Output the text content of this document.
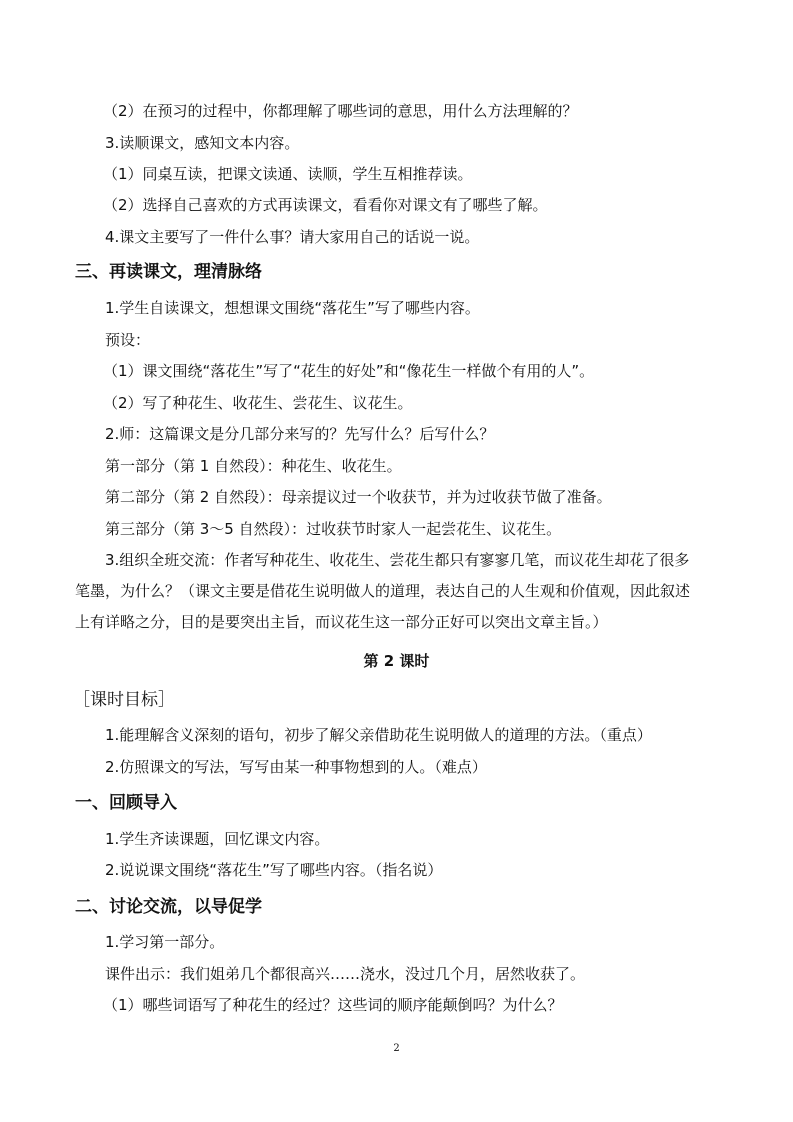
（2）在预习的过程中，你都理解了哪些词的意思，用什么方法理解的？
3.读顺课文，感知文本内容。
（1）同桌互读，把课文读通、读顺，学生互相推荐读。
（2）选择自己喜欢的方式再读课文，看看你对课文有了哪些了解。
4.课文主要写了一件什么事？请大家用自己的话说一说。
三、再读课文，理清脉络
1.学生自读课文，想想课文围绕“落花生”写了哪些内容。
预设：
（1）课文围绕“落花生”写了“花生的好处”和“像花生一样做个有用的人”。
（2）写了种花生、收花生、尝花生、议花生。
2.师：这篇课文是分几部分来写的？先写什么？后写什么？
第一部分（第 1 自然段）：种花生、收花生。
第二部分（第 2 自然段）：母亲提议过一个收获节，并为过收获节做了准备。
第三部分（第 3～5 自然段）：过收获节时家人一起尝花生、议花生。
3.组织全班交流：作者写种花生、收花生、尝花生都只有寥寥几笔，而议花生却花了很多
笔墨，为什么？（课文主要是借花生说明做人的道理，表达自己的人生观和价值观，因此叙述
上有详略之分，目的是要突出主旨，而议花生这一部分正好可以突出文章主旨。）
第 2 课时
［课时目标］
1.能理解含义深刻的语句，初步了解父亲借助花生说明做人的道理的方法。（重点）
2.仿照课文的写法，写写由某一种事物想到的人。（难点）
一、回顾导入
1.学生齐读课题，回忆课文内容。
2.说说课文围绕“落花生”写了哪些内容。（指名说）
二、讨论交流，以导促学
1.学习第一部分。
课件出示：我们姐弟几个都很高兴……浇水，没过几个月，居然收获了。
（1）哪些词语写了种花生的经过？这些词的顺序能颠倒吗？为什么？
2
